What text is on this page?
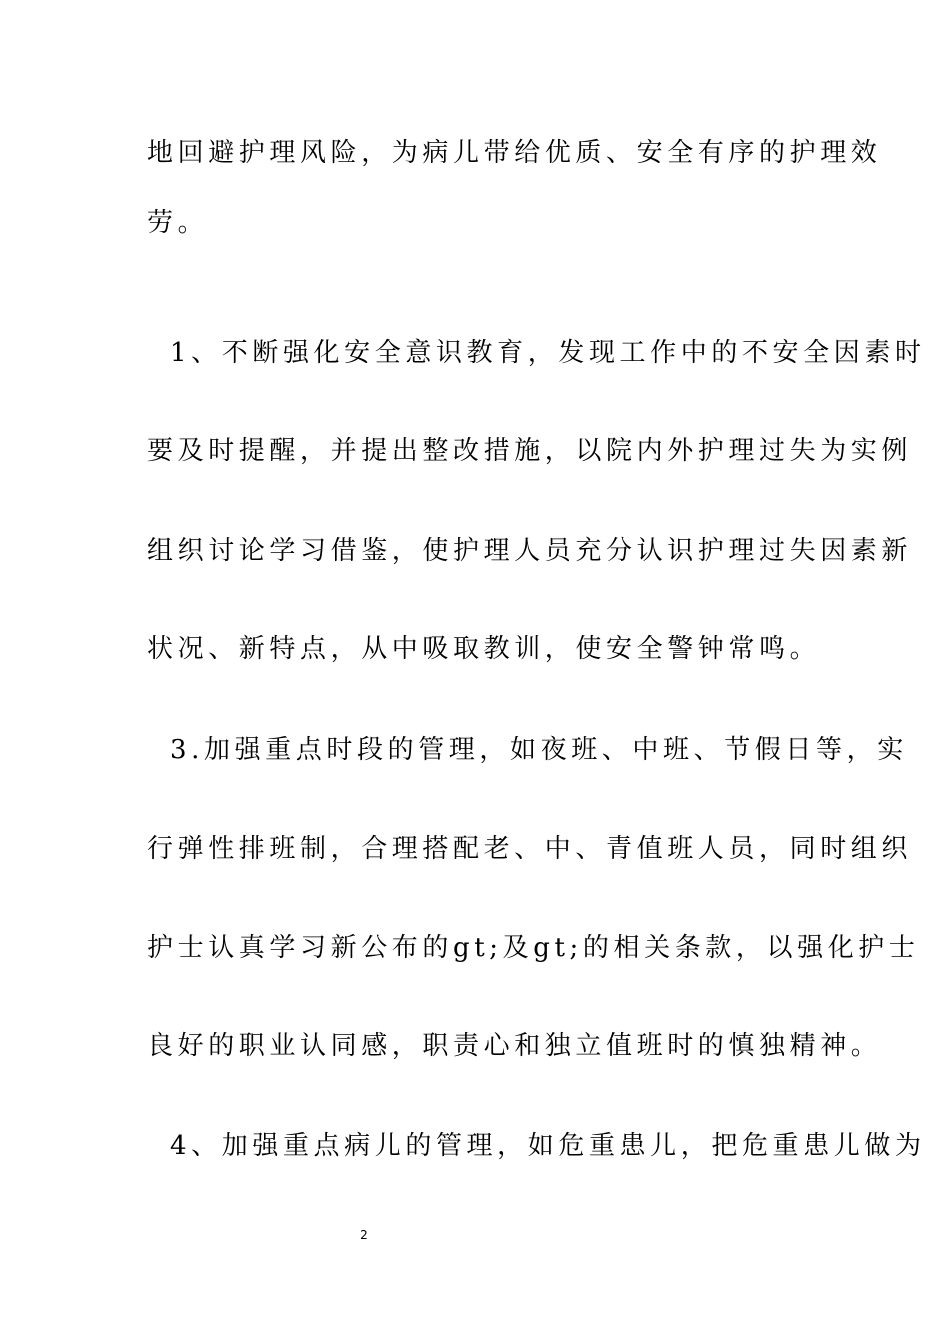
地回避护理风险，为病儿带给优质、安全有序的护理效
劳。
1、不断强化安全意识教育，发现工作中的不安全因素时
要及时提醒，并提出整改措施，以院内外护理过失为实例
组织讨论学习借鉴，使护理人员充分认识护理过失因素新
状况、新特点，从中吸取教训，使安全警钟常鸣。
3.加强重点时段的管理，如夜班、中班、节假日等，实
行弹性排班制，合理搭配老、中、青值班人员，同时组织
护士认真学习新公布的gt;及gt;的相关条款，以强化护士
良好的职业认同感，职责心和独立值班时的慎独精神。
4、加强重点病儿的管理，如危重患儿，把危重患儿做为
2
